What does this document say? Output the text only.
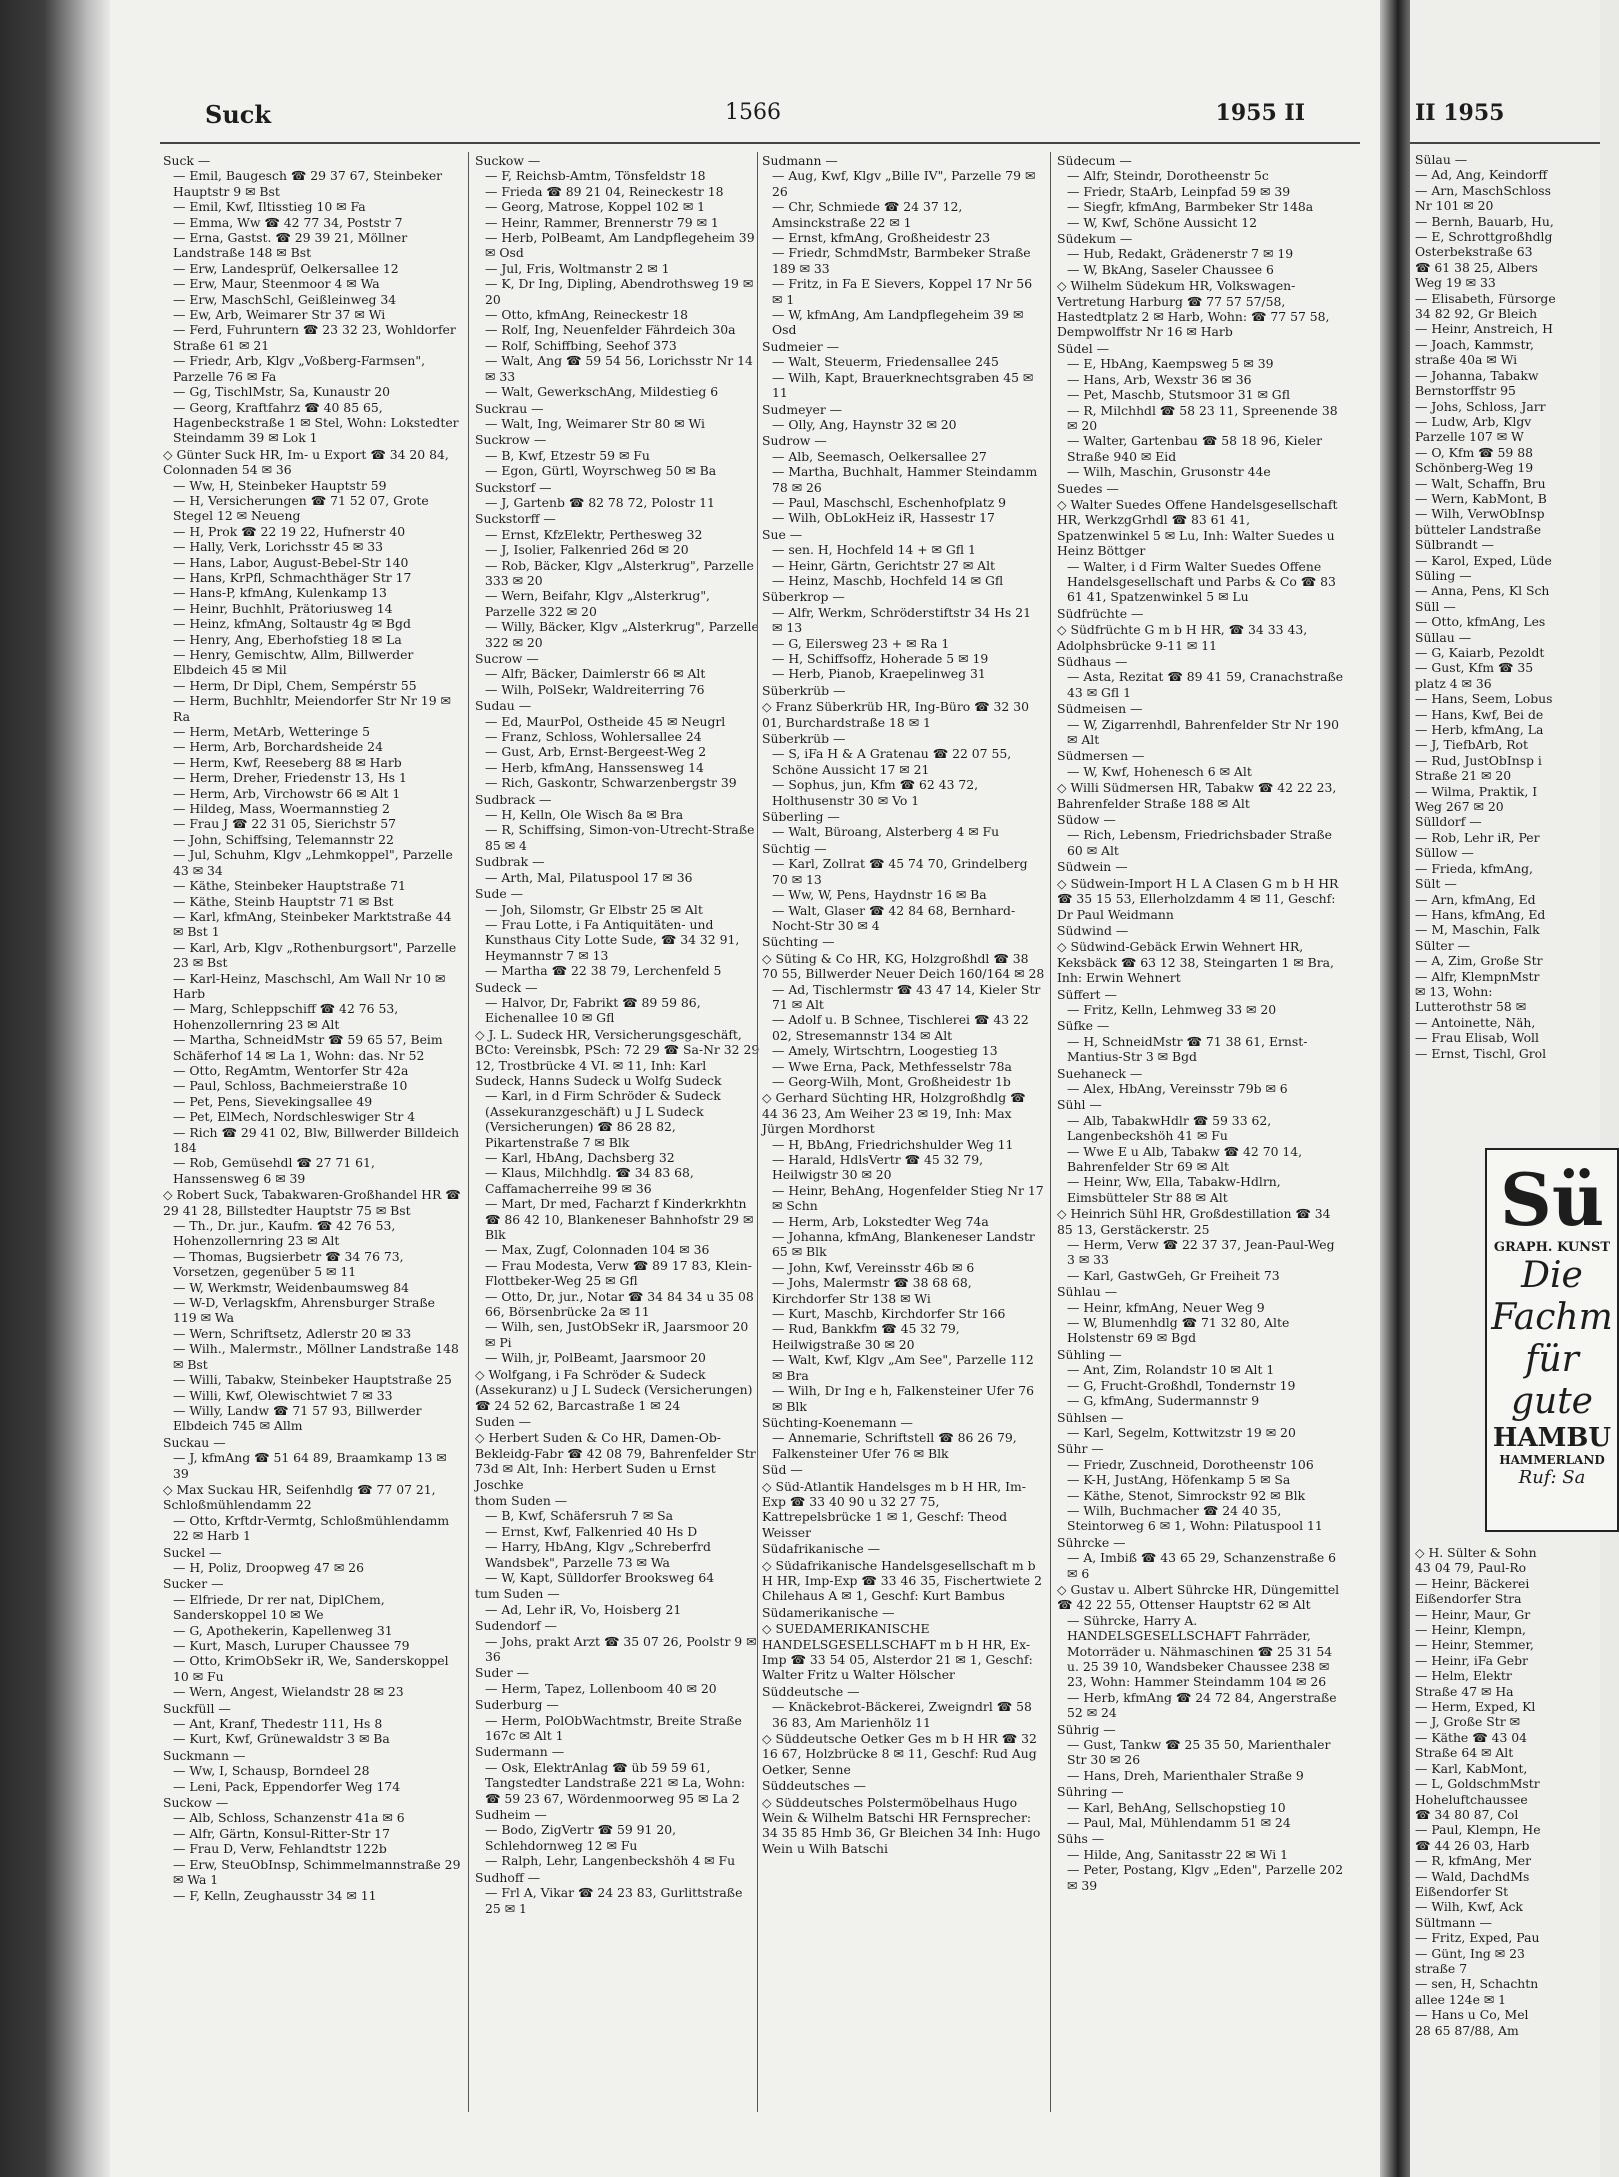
Suck	1566	1955 II

Suck —

— Emil, Baugesch ☎ 29 37 67, Steinbeker Hauptstr 9 ✉ Bst

— Emil, Kwf, Iltisstieg 10 ✉ Fa

— Emma, Ww ☎ 42 77 34, Poststr 7

— Erna, Gastst. ☎ 29 39 21, Möllner Landstraße 148 ✉ Bst

— Erw, Landesprüf, Oelkersallee 12

— Erw, Maur, Steenmoor 4 ✉ Wa

— Erw, MaschSchl, Geißleinweg 34

— Ew, Arb, Weimarer Str 37 ✉ Wi

— Ferd, Fuhruntern ☎ 23 32 23, Wohldorfer Straße 61 ✉ 21

— Friedr, Arb, Klgv „Voßberg-Farmsen", Parzelle 76 ✉ Fa

— Gg, TischlMstr, Sa, Kunaustr 20

— Georg, Kraftfahrz ☎ 40 85 65, Hagenbeckstraße 1 ✉ Stel, Wohn: Lokstedter Steindamm 39 ✉ Lok 1

◇ Günter Suck HR, Im- u Export ☎ 34 20 84, Colonnaden 54 ✉ 36

— Ww, H, Steinbeker Hauptstr 59

— H, Versicherungen ☎ 71 52 07, Grote Stegel 12 ✉ Neueng

— H, Prok ☎ 22 19 22, Hufnerstr 40

— Hally, Verk, Lorichsstr 45 ✉ 33

— Hans, Labor, August-Bebel-Str 140

— Hans, KrPfl, Schmachthäger Str 17

— Hans-P, kfmAng, Kulenkamp 13

— Heinr, Buchhlt, Prätoriusweg 14

— Heinz, kfmAng, Soltaustr 4g ✉ Bgd

— Henry, Ang, Eberhofstieg 18 ✉ La

— Henry, Gemischtw, Allm, Billwerder Elbdeich 45 ✉ Mil

— Herm, Dr Dipl, Chem, Sempérstr 55

— Herm, Buchhltr, Meiendorfer Str Nr 19 ✉ Ra

— Herm, MetArb, Wetteringe 5

— Herm, Arb, Borchardsheide 24

— Herm, Kwf, Reeseberg 88 ✉ Harb

— Herm, Dreher, Friedenstr 13, Hs 1

— Herm, Arb, Virchowstr 66 ✉ Alt 1

— Hildeg, Mass, Woermannstieg 2

— Frau J ☎ 22 31 05, Sierichstr 57

— John, Schiffsing, Telemannstr 22

— Jul, Schuhm, Klgv „Lehmkoppel", Parzelle 43 ✉ 34

— Käthe, Steinbeker Hauptstraße 71

— Käthe, Steinb Hauptstr 71 ✉ Bst

— Karl, kfmAng, Steinbeker Marktstraße 44 ✉ Bst 1

— Karl, Arb, Klgv „Rothenburgsort", Parzelle 23 ✉ Bst

— Karl-Heinz, Maschschl, Am Wall Nr 10 ✉ Harb

— Marg, Schleppschiff ☎ 42 76 53, Hohenzollernring 23 ✉ Alt

— Martha, SchneidMstr ☎ 59 65 57, Beim Schäferhof 14 ✉ La 1, Wohn: das. Nr 52

— Otto, RegAmtm, Wentorfer Str 42a

— Paul, Schloss, Bachmeierstraße 10

— Pet, Pens, Sievekingsallee 49

— Pet, ElMech, Nordschleswiger Str 4

— Rich ☎ 29 41 02, Blw, Billwerder Billdeich 184

— Rob, Gemüsehdl ☎ 27 71 61, Hanssensweg 6 ✉ 39

◇ Robert Suck, Tabakwaren-Großhandel HR ☎ 29 41 28, Billstedter Hauptstr 75 ✉ Bst

— Th., Dr. jur., Kaufm. ☎ 42 76 53, Hohenzollernring 23 ✉ Alt

— Thomas, Bugsierbetr ☎ 34 76 73, Vorsetzen, gegenüber 5 ✉ 11

— W, Werkmstr, Weidenbaumsweg 84

— W-D, Verlagskfm, Ahrensburger Straße 119 ✉ Wa

— Wern, Schriftsetz, Adlerstr 20 ✉ 33

— Wilh., Malermstr., Möllner Landstraße 148 ✉ Bst

— Willi, Tabakw, Steinbeker Hauptstraße 25

— Willi, Kwf, Olewischtwiet 7 ✉ 33

— Willy, Landw ☎ 71 57 93, Billwerder Elbdeich 745 ✉ Allm

Suckau —

— J, kfmAng ☎ 51 64 89, Braamkamp 13 ✉ 39

◇ Max Suckau HR, Seifenhdlg ☎ 77 07 21, Schloßmühlendamm 22

— Otto, Krftdr-Vermtg, Schloßmühlendamm 22 ✉ Harb 1

Suckel —

— H, Poliz, Droopweg 47 ✉ 26

Sucker —

— Elfriede, Dr rer nat, DiplChem, Sanderskoppel 10 ✉ We

— G, Apothekerin, Kapellenweg 31

— Kurt, Masch, Luruper Chaussee 79

— Otto, KrimObSekr iR, We, Sanderskoppel 10 ✉ Fu

— Wern, Angest, Wielandstr 28 ✉ 23

Suckfüll —

— Ant, Kranf, Thedestr 111, Hs 8

— Kurt, Kwf, Grünewaldstr 3 ✉ Ba

Suckmann —

— Ww, I, Schausp, Borndeel 28

— Leni, Pack, Eppendorfer Weg 174

Suckow —

— Alb, Schloss, Schanzenstr 41a ✉ 6

— Alfr, Gärtn, Konsul-Ritter-Str 17

— Frau D, Verw, Fehlandtstr 122b

— Erw, SteuObInsp, Schimmelmannstraße 29 ✉ Wa 1

— F, Kelln, Zeughausstr 34 ✉ 11

Suckow —

— F, Reichsb-Amtm, Tönsfeldstr 18

— Frieda ☎ 89 21 04, Reineckestr 18

— Georg, Matrose, Koppel 102 ✉ 1

— Heinr, Rammer, Brennerstr 79 ✉ 1

— Herb, PolBeamt, Am Landpflegeheim 39 ✉ Osd

— Jul, Fris, Woltmanstr 2 ✉ 1

— K, Dr Ing, Dipling, Abendrothsweg 19 ✉ 20

— Otto, kfmAng, Reineckestr 18

— Rolf, Ing, Neuenfelder Fährdeich 30a

— Rolf, Schiffbing, Seehof 373

— Walt, Ang ☎ 59 54 56, Lorichsstr Nr 14 ✉ 33

— Walt, GewerkschAng, Mildestieg 6

Suckrau —

— Walt, Ing, Weimarer Str 80 ✉ Wi

Suckrow —

— B, Kwf, Etzestr 59 ✉ Fu

— Egon, Gürtl, Woyrschweg 50 ✉ Ba

Suckstorf —

— J, Gartenb ☎ 82 78 72, Polostr 11

Suckstorff —

— Ernst, KfzElektr, Perthesweg 32

— J, Isolier, Falkenried 26d ✉ 20

— Rob, Bäcker, Klgv „Alsterkrug", Parzelle 333 ✉ 20

— Wern, Beifahr, Klgv „Alsterkrug", Parzelle 322 ✉ 20

— Willy, Bäcker, Klgv „Alsterkrug", Parzelle 322 ✉ 20

Sucrow —

— Alfr, Bäcker, Daimlerstr 66 ✉ Alt

— Wilh, PolSekr, Waldreiterring 76

Sudau —

— Ed, MaurPol, Ostheide 45 ✉ Neugrl

— Franz, Schloss, Wohlersallee 24

— Gust, Arb, Ernst-Bergeest-Weg 2

— Herb, kfmAng, Hanssensweg 14

— Rich, Gaskontr, Schwarzenbergstr 39

Sudbrack —

— H, Kelln, Ole Wisch 8a ✉ Bra

— R, Schiffsing, Simon-von-Utrecht-Straße 85 ✉ 4

Sudbrak —

— Arth, Mal, Pilatuspool 17 ✉ 36

Sude —

— Joh, Silomstr, Gr Elbstr 25 ✉ Alt

— Frau Lotte, i Fa Antiquitäten- und Kunsthaus City Lotte Sude, ☎ 34 32 91, Heymannstr 7 ✉ 13

— Martha ☎ 22 38 79, Lerchenfeld 5

Sudeck —

— Halvor, Dr, Fabrikt ☎ 89 59 86, Eichenallee 10 ✉ Gfl

◇ J. L. Sudeck HR, Versicherungsgeschäft, BCto: Vereinsbk, PSch: 72 29 ☎ Sa-Nr 32 29 12, Trostbrücke 4 VI. ✉ 11, Inh: Karl Sudeck, Hanns Sudeck u Wolfg Sudeck

— Karl, in d Firm Schröder & Sudeck (Assekuranzgeschäft) u J L Sudeck (Versicherungen) ☎ 86 28 82, Pikartenstraße 7 ✉ Blk

— Karl, HbAng, Dachsberg 32

— Klaus, Milchhdlg. ☎ 34 83 68, Caffamacherreihe 99 ✉ 36

— Mart, Dr med, Facharzt f Kinderkrkhtn ☎ 86 42 10, Blankeneser Bahnhofstr 29 ✉ Blk

— Max, Zugf, Colonnaden 104 ✉ 36

— Frau Modesta, Verw ☎ 89 17 83, Klein-Flottbeker-Weg 25 ✉ Gfl

— Otto, Dr, jur., Notar ☎ 34 84 34 u 35 08 66, Börsenbrücke 2a ✉ 11

— Wilh, sen, JustObSekr iR, Jaarsmoor 20 ✉ Pi

— Wilh, jr, PolBeamt, Jaarsmoor 20

◇ Wolfgang, i Fa Schröder & Sudeck (Assekuranz) u J L Sudeck (Versicherungen) ☎ 24 52 62, Barcastraße 1 ✉ 24

Suden —

◇ Herbert Suden & Co HR, Damen-Ob-Bekleidg-Fabr ☎ 42 08 79, Bahrenfelder Str 73d ✉ Alt, Inh: Herbert Suden u Ernst Joschke

thom Suden —

— B, Kwf, Schäfersruh 7 ✉ Sa

— Ernst, Kwf, Falkenried 40 Hs D

— Harry, HbAng, Klgv „Schreberfrd Wandsbek", Parzelle 73 ✉ Wa

— W, Kapt, Sülldorfer Brooksweg 64

tum Suden —

— Ad, Lehr iR, Vo, Hoisberg 21

Sudendorf —

— Johs, prakt Arzt ☎ 35 07 26, Poolstr 9 ✉ 36

Suder —

— Herm, Tapez, Lollenboom 40 ✉ 20

Suderburg —

— Herm, PolObWachtmstr, Breite Straße 167c ✉ Alt 1

Sudermann —

— Osk, ElektrAnlag ☎ üb 59 59 61, Tangstedter Landstraße 221 ✉ La, Wohn: ☎ 59 23 67, Wördenmoorweg 95 ✉ La 2

Sudheim —

— Bodo, ZigVertr ☎ 59 91 20, Schlehdornweg 12 ✉ Fu

— Ralph, Lehr, Langenbeckshöh 4 ✉ Fu

Sudhoff —

— Frl A, Vikar ☎ 24 23 83, Gurlittstraße 25 ✉ 1

Sudmann —

— Aug, Kwf, Klgv „Bille IV", Parzelle 79 ✉ 26

— Chr, Schmiede ☎ 24 37 12, Amsinckstraße 22 ✉ 1

— Ernst, kfmAng, Großheidestr 23

— Friedr, SchmdMstr, Barmbeker Straße 189 ✉ 33

— Fritz, in Fa E Sievers, Koppel 17 Nr 56 ✉ 1

— W, kfmAng, Am Landpflegeheim 39 ✉ Osd

Sudmeier —

— Walt, Steuerm, Friedensallee 245

— Wilh, Kapt, Brauerknechtsgraben 45 ✉ 11

Sudmeyer —

— Olly, Ang, Haynstr 32 ✉ 20

Sudrow —

— Alb, Seemasch, Oelkersallee 27

— Martha, Buchhalt, Hammer Steindamm 78 ✉ 26

— Paul, Maschschl, Eschenhofplatz 9

— Wilh, ObLokHeiz iR, Hassestr 17

Sue —

— sen. H, Hochfeld 14 + ✉ Gfl 1

— Heinr, Gärtn, Gerichtstr 27 ✉ Alt

— Heinz, Maschb, Hochfeld 14 ✉ Gfl

Süberkrop —

— Alfr, Werkm, Schröderstiftstr 34 Hs 21 ✉ 13

— G, Eilersweg 23 + ✉ Ra 1

— H, Schiffsoffz, Hoherade 5 ✉ 19

— Herb, Pianob, Kraepelinweg 31

Süberkrüb —

◇ Franz Süberkrüb HR, Ing-Büro ☎ 32 30 01, Burchardstraße 18 ✉ 1

Süberkrüb —

— S, iFa H & A Gratenau ☎ 22 07 55, Schöne Aussicht 17 ✉ 21

— Sophus, jun, Kfm ☎ 62 43 72, Holthusenstr 30 ✉ Vo 1

Süberling —

— Walt, Büroang, Alsterberg 4 ✉ Fu

Süchtig —

— Karl, Zollrat ☎ 45 74 70, Grindelberg 70 ✉ 13

— Ww, W, Pens, Haydnstr 16 ✉ Ba

— Walt, Glaser ☎ 42 84 68, Bernhard-Nocht-Str 30 ✉ 4

Süchting —

◇ Süting & Co HR, KG, Holzgroßhdl ☎ 38 70 55, Billwerder Neuer Deich 160/164 ✉ 28

— Ad, Tischlermstr ☎ 43 47 14, Kieler Str 71 ✉ Alt

— Adolf u. B Schnee, Tischlerei ☎ 43 22 02, Stresemannstr 134 ✉ Alt

— Amely, Wirtschtrn, Loogestieg 13

— Wwe Erna, Pack, Methfesselstr 78a

— Georg-Wilh, Mont, Großheidestr 1b

◇ Gerhard Süchting HR, Holzgroßhdlg ☎ 44 36 23, Am Weiher 23 ✉ 19, Inh: Max Jürgen Mordhorst

— H, BbAng, Friedrichshulder Weg 11

— Harald, HdlsVertr ☎ 45 32 79, Heilwigstr 30 ✉ 20

— Heinr, BehAng, Hogenfelder Stieg Nr 17 ✉ Schn

— Herm, Arb, Lokstedter Weg 74a

— Johanna, kfmAng, Blankeneser Landstr 65 ✉ Blk

— John, Kwf, Vereinsstr 46b ✉ 6

— Johs, Malermstr ☎ 38 68 68, Kirchdorfer Str 138 ✉ Wi

— Kurt, Maschb, Kirchdorfer Str 166

— Rud, Bankkfm ☎ 45 32 79, Heilwigstraße 30 ✉ 20

— Walt, Kwf, Klgv „Am See", Parzelle 112 ✉ Bra

— Wilh, Dr Ing e h, Falkensteiner Ufer 76 ✉ Blk

Süchting-Koenemann —

— Annemarie, Schriftstell ☎ 86 26 79, Falkensteiner Ufer 76 ✉ Blk

Süd —

◇ Süd-Atlantik Handelsges m b H HR, Im-Exp ☎ 33 40 90 u 32 27 75, Kattrepelsbrücke 1 ✉ 1, Geschf: Theod Weisser

Südafrikanische —

◇ Südafrikanische Handelsgesellschaft m b H HR, Imp-Exp ☎ 33 46 35, Fischertwiete 2 Chilehaus A ✉ 1, Geschf: Kurt Bambus

Südamerikanische —

◇ SUEDAMERIKANISCHE HANDELSGESELLSCHAFT m b H HR, Ex-Imp ☎ 33 54 05, Alsterdor 21 ✉ 1, Geschf: Walter Fritz u Walter Hölscher

Süddeutsche —

— Knäckebrot-Bäckerei, Zweigndrl ☎ 58 36 83, Am Marienhölz 11

◇ Süddeutsche Oetker Ges m b H HR ☎ 32 16 67, Holzbrücke 8 ✉ 11, Geschf: Rud Aug Oetker, Senne

Süddeutsches —

◇ Süddeutsches Polstermöbelhaus Hugo Wein & Wilhelm Batschi HR Fernsprecher: 34 35 85 Hmb 36, Gr Bleichen 34 Inh: Hugo Wein u Wilh Batschi

Südecum —

— Alfr, Steindr, Dorotheenstr 5c

— Friedr, StaArb, Leinpfad 59 ✉ 39

— Siegfr, kfmAng, Barmbeker Str 148a

— W, Kwf, Schöne Aussicht 12

Südekum —

— Hub, Redakt, Grädenerstr 7 ✉ 19

— W, BkAng, Saseler Chaussee 6

◇ Wilhelm Südekum HR, Volkswagen-Vertretung Harburg ☎ 77 57 57/58, Hastedtplatz 2 ✉ Harb, Wohn: ☎ 77 57 58, Dempwolffstr Nr 16 ✉ Harb

Südel —

— E, HbAng, Kaempsweg 5 ✉ 39

— Hans, Arb, Wexstr 36 ✉ 36

— Pet, Maschb, Stutsmoor 31 ✉ Gfl

— R, Milchhdl ☎ 58 23 11, Spreenende 38 ✉ 20

— Walter, Gartenbau ☎ 58 18 96, Kieler Straße 940 ✉ Eid

— Wilh, Maschin, Grusonstr 44e

Suedes —

◇ Walter Suedes Offene Handelsgesellschaft HR, WerkzgGrhdl ☎ 83 61 41, Spatzenwinkel 5 ✉ Lu, Inh: Walter Suedes u Heinz Böttger

— Walter, i d Firm Walter Suedes Offene Handelsgesellschaft und Parbs & Co ☎ 83 61 41, Spatzenwinkel 5 ✉ Lu

Südfrüchte —

◇ Südfrüchte G m b H HR, ☎ 34 33 43, Adolphsbrücke 9-11 ✉ 11

Südhaus —

— Asta, Rezitat ☎ 89 41 59, Cranachstraße 43 ✉ Gfl 1

Südmeisen —

— W, Zigarrenhdl, Bahrenfelder Str Nr 190 ✉ Alt

Südmersen —

— W, Kwf, Hohenesch 6 ✉ Alt

◇ Willi Südmersen HR, Tabakw ☎ 42 22 23, Bahrenfelder Straße 188 ✉ Alt

Südow —

— Rich, Lebensm, Friedrichsbader Straße 60 ✉ Alt

Südwein —

◇ Südwein-Import H L A Clasen G m b H HR ☎ 35 15 53, Ellerholzdamm 4 ✉ 11, Geschf: Dr Paul Weidmann

Südwind —

◇ Südwind-Gebäck Erwin Wehnert HR, Keksbäck ☎ 63 12 38, Steingarten 1 ✉ Bra, Inh: Erwin Wehnert

Süffert —

— Fritz, Kelln, Lehmweg 33 ✉ 20

Süfke —

— H, SchneidMstr ☎ 71 38 61, Ernst-Mantius-Str 3 ✉ Bgd

Suehaneck —

— Alex, HbAng, Vereinsstr 79b ✉ 6

Sühl —

— Alb, TabakwHdlr ☎ 59 33 62, Langenbeckshöh 41 ✉ Fu

— Wwe E u Alb, Tabakw ☎ 42 70 14, Bahrenfelder Str 69 ✉ Alt

— Heinr, Ww, Ella, Tabakw-Hdlrn, Eimsbütteler Str 88 ✉ Alt

◇ Heinrich Sühl HR, Großdestillation ☎ 34 85 13, Gerstäckerstr. 25

— Herm, Verw ☎ 22 37 37, Jean-Paul-Weg 3 ✉ 33

— Karl, GastwGeh, Gr Freiheit 73

Sühlau —

— Heinr, kfmAng, Neuer Weg 9

— W, Blumenhdlg ☎ 71 32 80, Alte Holstenstr 69 ✉ Bgd

Sühling —

— Ant, Zim, Rolandstr 10 ✉ Alt 1

— G, Frucht-Großhdl, Tondernstr 19

— G, kfmAng, Sudermannstr 9

Sühlsen —

— Karl, Segelm, Kottwitzstr 19 ✉ 20

Sühr —

— Friedr, Zuschneid, Dorotheenstr 106

— K-H, JustAng, Höfenkamp 5 ✉ Sa

— Käthe, Stenot, Simrockstr 92 ✉ Blk

— Wilh, Buchmacher ☎ 24 40 35, Steintorweg 6 ✉ 1, Wohn: Pilatuspool 11

Sührcke —

— A, Imbiß ☎ 43 65 29, Schanzenstraße 6 ✉ 6

◇ Gustav u. Albert Sührcke HR, Düngemittel ☎ 42 22 55, Ottenser Hauptstr 62 ✉ Alt

— Sührcke, Harry A. HANDELSGESELLSCHAFT Fahrräder, Motorräder u. Nähmaschinen ☎ 25 31 54 u. 25 39 10, Wandsbeker Chaussee 238 ✉ 23, Wohn: Hammer Steindamm 104 ✉ 26

— Herb, kfmAng ☎ 24 72 84, Angerstraße 52 ✉ 24

Sührig —

— Gust, Tankw ☎ 25 35 50, Marienthaler Str 30 ✉ 26

— Hans, Dreh, Marienthaler Straße 9

Sühring —

— Karl, BehAng, Sellschopstieg 10

— Paul, Mal, Mühlendamm 51 ✉ 24

Sühs —

— Hilde, Ang, Sanitasstr 22 ✉ Wi 1

— Peter, Postang, Klgv „Eden", Parzelle 202 ✉ 39

II 1955

Sülau —

— Ad, Ang, Keindorff

— Arn, MaschSchloss

Nr 101 ✉ 20

— Bernh, Bauarb, Hu,

— E, Schrottgroßhdlg

Osterbekstraße 63

☎ 61 38 25, Albers

Weg 19 ✉ 33

— Elisabeth, Fürsorge

34 82 92, Gr Bleich

— Heinr, Anstreich, H

— Joach, Kammstr,

straße 40a ✉ Wi

— Johanna, Tabakw

Bernstorffstr 95

— Johs, Schloss, Jarr

— Ludw, Arb, Klgv

Parzelle 107 ✉ W

— O, Kfm ☎ 59 88

Schönberg-Weg 19

— Walt, Schaffn, Bru

— Wern, KabMont, B

— Wilh, VerwObInsp

bütteler Landstraße

Sülbrandt —

— Karol, Exped, Lüde

Süling —

— Anna, Pens, Kl Sch

Süll —

— Otto, kfmAng, Les

Süllau —

— G, Kaiarb, Pezoldt

— Gust, Kfm ☎ 35

platz 4 ✉ 36

— Hans, Seem, Lobus

— Hans, Kwf, Bei de

— Herb, kfmAng, La

— J, TiefbArb, Rot

— Rud, JustObInsp i

Straße 21 ✉ 20

— Wilma, Praktik, I

Weg 267 ✉ 20

Sülldorf —

— Rob, Lehr iR, Per

Süllow —

— Frieda, kfmAng,

Sült —

— Arn, kfmAng, Ed

— Hans, kfmAng, Ed

— M, Maschin, Falk

Sülter —

— A, Zim, Große Str

— Alfr, KlempnMstr

✉ 13, Wohn:

Lutterothstr 58 ✉

— Antoinette, Näh,

— Frau Elisab, Woll

— Ernst, Tischl, Grol

Sü
GRAPH. KUNST
Die Fachm für gute
HAMBU
HAMMERLAND
Ruf: Sa

◇ H. Sülter & Sohn

43 04 79, Paul-Ro

— Heinr, Bäckerei

Eißendorfer Stra

— Heinr, Maur, Gr

— Heinr, Klempn,

— Heinr, Stemmer,

— Heinr, iFa Gebr

— Helm, Elektr

Straße 47 ✉ Ha

— Herm, Exped, Kl

— J, Große Str ✉

— Käthe ☎ 43 04

Straße 64 ✉ Alt

— Karl, KabMont,

— L, GoldschmMstr

Hoheluftchaussee

☎ 34 80 87, Col

— Paul, Klempn, He

☎ 44 26 03, Harb

— R, kfmAng, Mer

— Wald, DachdMs

Eißendorfer St

— Wilh, Kwf, Ack

Sültmann —

— Fritz, Exped, Pau

— Günt, Ing ✉ 23

straße 7

— sen, H, Schachtn

allee 124e ✉ 1

— Hans u Co, Mel

28 65 87/88, Am
